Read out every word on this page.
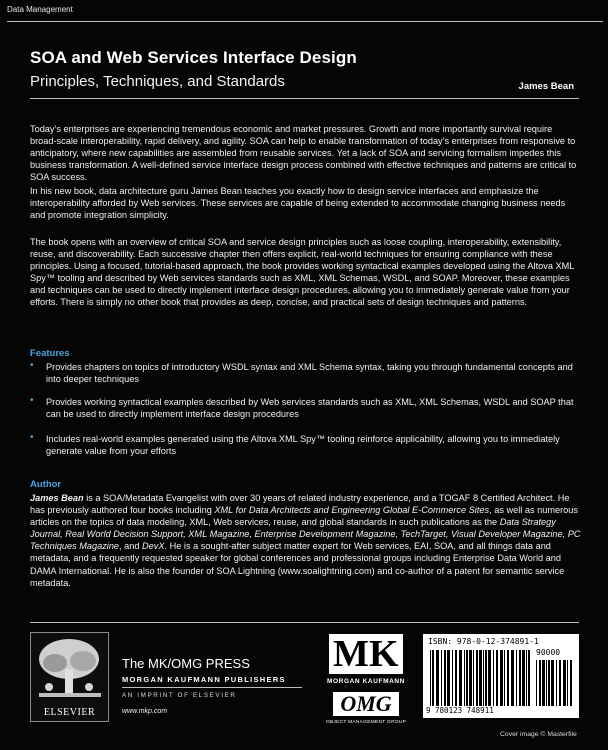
Data Management
SOA and Web Services Interface Design
Principles, Techniques, and Standards	James Bean

Today’s enterprises are experiencing tremendous economic and market pressures. Growth and more importantly survival require broad-scale interoperability, rapid delivery, and agility. SOA can help to enable transformation of today’s enterprises from responsive to anticipatory, where new capabilities are assembled from reusable services. Yet a lack of SOA and servicing formalism impedes this business transformation. A well-defined service interface design process combined with effective techniques and patterns are critical to SOA success.

In his new book, data architecture guru James Bean teaches you exactly how to design service interfaces and emphasize the interoperability afforded by Web services. These services are capable of being extended to accommodate changing business needs and promote integration simplicity.

The book opens with an overview of critical SOA and service design principles such as loose coupling, interoperability, extensibility, reuse, and discoverability. Each successive chapter then offers explicit, real-world techniques for ensuring compliance with these principles. Using a focused, tutorial-based approach, the book provides working syntactical examples developed using the Altova XML Spy™ tooling and described by Web services standards such as XML, XML Schemas, WSDL, and SOAP. Moreover, these examples and techniques can be used to directly implement interface design procedures, allowing you to immediately generate value from your efforts. There is simply no other book that provides as deep, concise, and practical sets of design techniques and patterns.

Features
• Provides chapters on topics of introductory WSDL syntax and XML Schema syntax, taking you through fundamental concepts and into deeper techniques
• Provides working syntactical examples described by Web services standards such as XML, XML Schemas, WSDL and SOAP that can be used to directly implement interface design procedures
• Includes real-world examples generated using the Altova XML Spy™ tooling reinforce applicability, allowing you to immediately generate value from your efforts
Author

James Bean is a SOA/Metadata Evangelist with over 30 years of related industry experience, and a TOGAF 8 Certified Architect. He has previously authored four books including XML for Data Architects and Engineering Global E-Commerce Sites, as well as numerous articles on the topics of data modeling, XML, Web services, reuse, and global standards in such publications as the Data Strategy Journal, Real World Decision Support, XML Magazine, Enterprise Development Magazine, TechTarget, Visual Developer Magazine, PC Techniques Magazine, and DevX. He is a sought-after subject matter expert for Web services, EAI, SOA, and all things data and metadata, and a frequently requested speaker for global conferences and professional groups including Enterprise Data World and DAMA International. He is also the founder of SOA Lightning (www.soalightning.com) and co-author of a patent for semantic service metadata.

ELSEVIER
The MK/OMG PRESS
MORGAN KAUFMANN PUBLISHERS
AN IMPRINT OF ELSEVIER
www.mkp.com
M K
MORGAN KAUFMANN
OMG
OBJECT MANAGEMENT GROUP
ISBN: 978-0-12-374891-1
90000
9 780123 748911
Cover image © Masterfile
